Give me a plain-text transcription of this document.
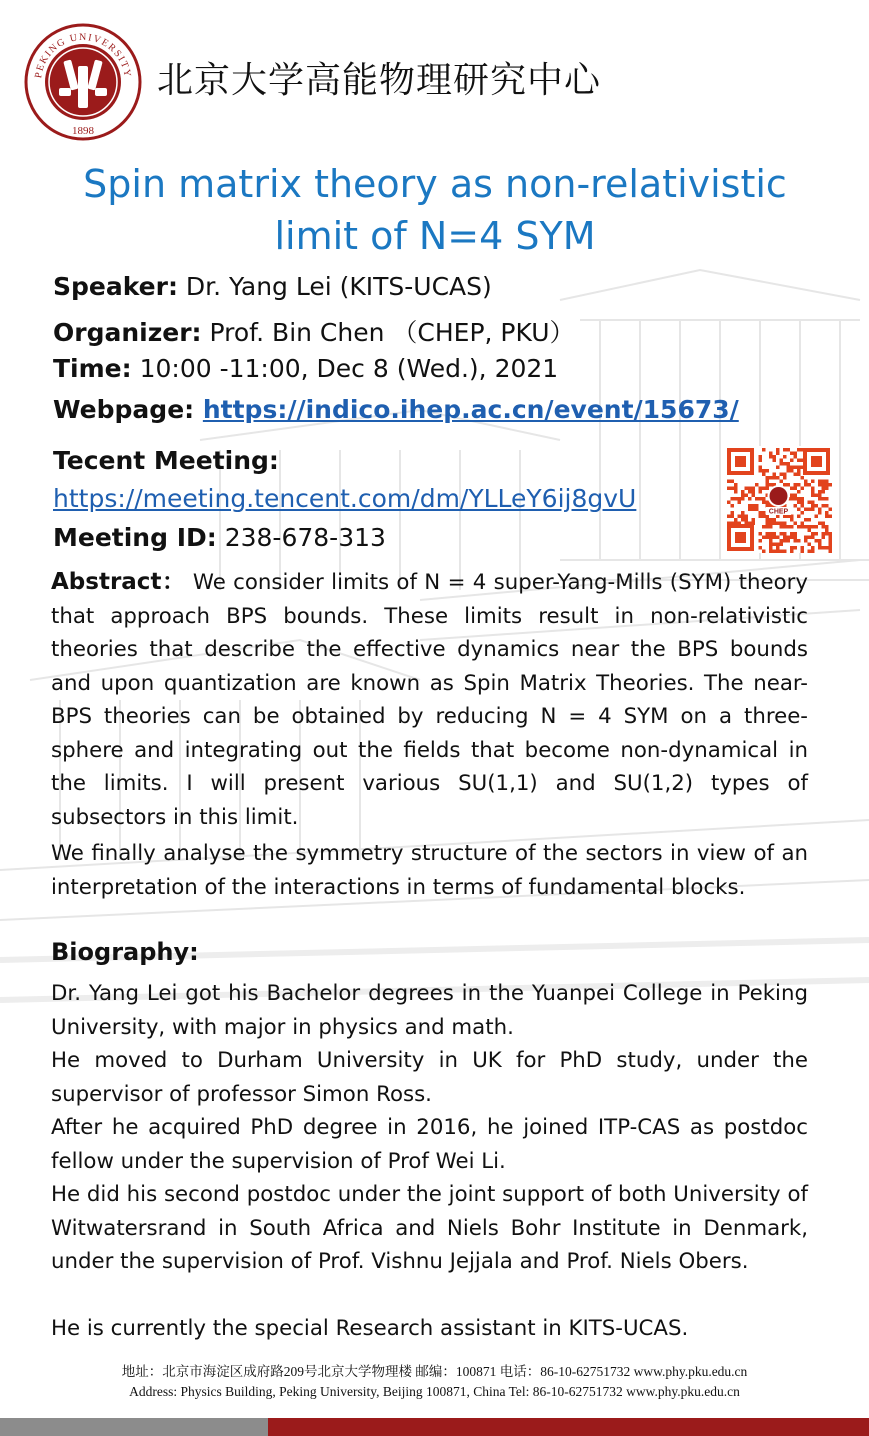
PEKING UNIVERSITY
1898
北京大学高能物理研究中心
Spin matrix theory as non-relativistic
limit of N=4 SYM
Speaker: Dr. Yang Lei (KITS-UCAS)
Organizer: Prof. Bin Chen （CHEP, PKU）
Time: 10:00 -11:00, Dec 8 (Wed.), 2021
Webpage: https://indico.ihep.ac.cn/event/15673/
Tecent Meeting:
https://meeting.tencent.com/dm/YLLeY6ij8gvU
Meeting ID: 238-678-313
CHEP
Abstract： We consider limits of N = 4 super-Yang-Mills (SYM) theory that approach BPS bounds. These limits result in non-relativistic theories that describe the effective dynamics near the BPS bounds and upon quantization are known as Spin Matrix Theories. The near-BPS theories can be obtained by reducing N = 4 SYM on a three-sphere and integrating out the fields that become non-dynamical in the limits. I will present various SU(1,1) and SU(1,2) types of subsectors in this limit.
We finally analyse the symmetry structure of the sectors in view of an interpretation of the interactions in terms of fundamental blocks.
Biography:
Dr. Yang Lei got his Bachelor degrees in the Yuanpei College in Peking University, with major in physics and math.
He moved to Durham University in UK for PhD study, under the supervisor of professor Simon Ross.
After he acquired PhD degree in 2016, he joined ITP-CAS as postdoc fellow under the supervision of Prof Wei Li.
He did his second postdoc under the joint support of both University of Witwatersrand in South Africa and Niels Bohr Institute in Denmark, under the supervision of Prof. Vishnu Jejjala and Prof. Niels Obers.
He is currently the special Research assistant in KITS-UCAS.
地址：北京市海淀区成府路209号北京大学物理楼 邮编：100871 电话：86-10-62751732 www.phy.pku.edu.cn
Address: Physics Building, Peking University, Beijing 100871, China Tel: 86-10-62751732 www.phy.pku.edu.cn
